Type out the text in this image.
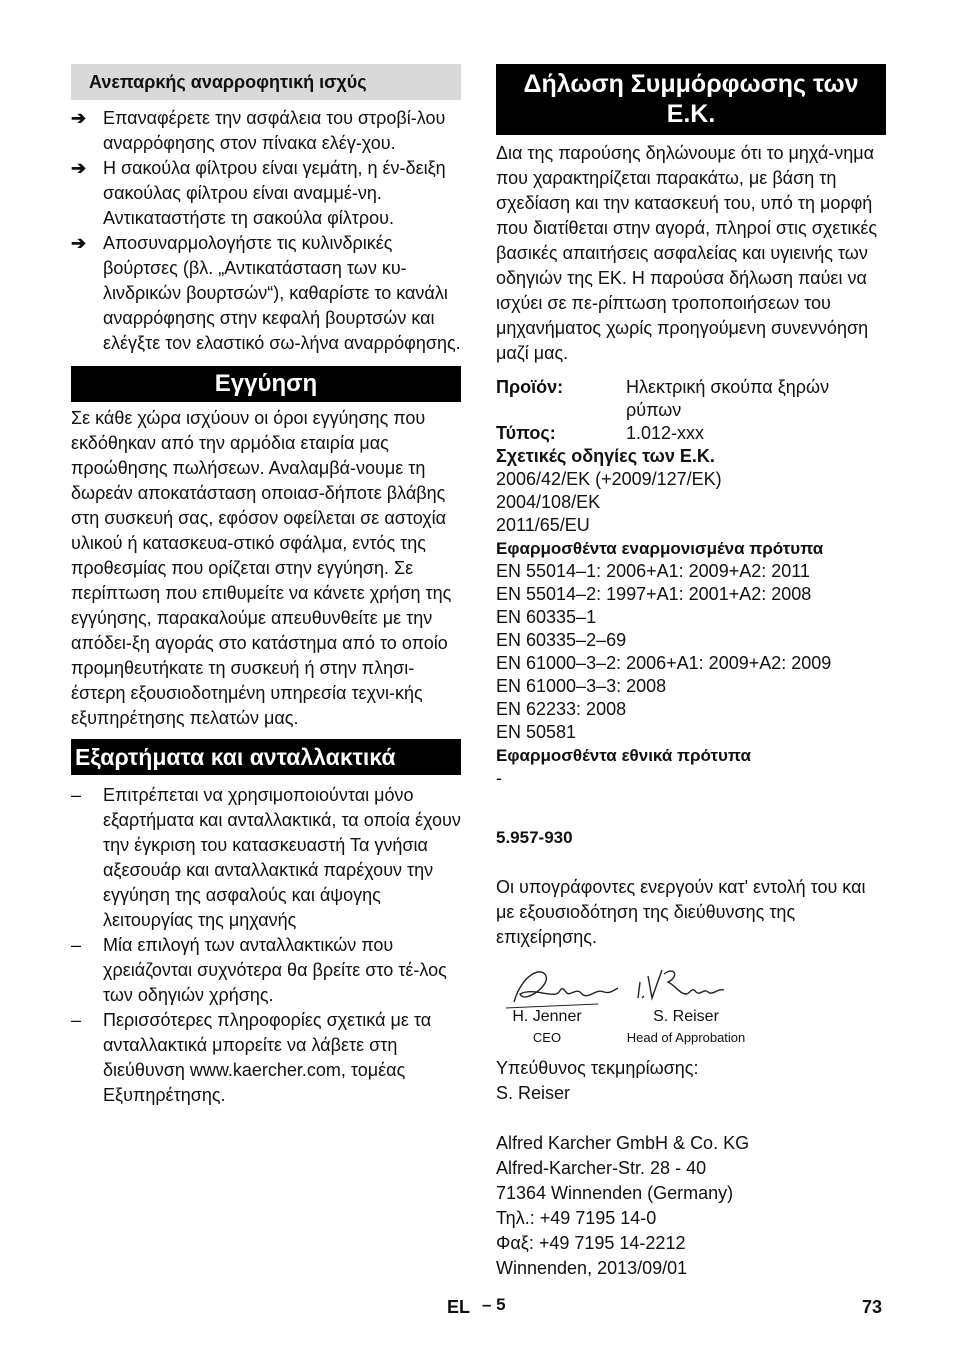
Ανεπαρκής αναρροφητική ισχύς
➔ Επαναφέρετε την ασφάλεια του στροβί-λου αναρρόφησης στον πίνακα ελέγ-χου.
➔ Η σακούλα φίλτρου είναι γεμάτη, η έν-δειξη σακούλας φίλτρου είναι αναμμέ-νη. Αντικαταστήστε τη σακούλα φίλτρου.
➔ Αποσυναρμολογήστε τις κυλινδρικές βούρτσες (βλ. „Αντικατάσταση των κυ-λινδρικών βουρτσών“), καθαρίστε το κανάλι αναρρόφησης στην κεφαλή βουρτσών και ελέγξτε τον ελαστικό σω-λήνα αναρρόφησης.
Εγγύηση

Σε κάθε χώρα ισχύουν οι όροι εγγύησης που εκδόθηκαν από την αρμόδια εταιρία μας προώθησης πωλήσεων. Αναλαμβά-νουμε τη δωρεάν αποκατάσταση οποιασ-δήποτε βλάβης στη συσκευή σας, εφόσον οφείλεται σε αστοχία υλικού ή κατασκευα-στικό σφάλμα, εντός της προθεσμίας που ορίζεται στην εγγύηση. Σε περίπτωση που επιθυμείτε να κάνετε χρήση της εγγύησης, παρακαλούμε απευθυνθείτε με την απόδει-ξη αγοράς στο κατάστημα από το οποίο προμηθευτήκατε τη συσκευή ή στην πλησι-έστερη εξουσιοδοτημένη υπηρεσία τεχνι-κής εξυπηρέτησης πελατών μας.

Εξαρτήματα και ανταλλακτικά
–	Επιτρέπεται να χρησιμοποιούνται μόνο εξαρτήματα και ανταλλακτικά, τα οποία έχουν την έγκριση του κατασκευαστή Τα γνήσια αξεσουάρ και ανταλλακτικά παρέχουν την εγγύηση της ασφαλούς και άψογης λειτουργίας της μηχανής
–	Μία επιλογή των ανταλλακτικών που χρειάζονται συχνότερα θα βρείτε στο τέ-λος των οδηγιών χρήσης.
–	Περισσότερες πληροφορίες σχετικά με τα ανταλλακτικά μπορείτε να λάβετε στη διεύθυνση www.kaercher.com, τομέας Εξυπηρέτησης.
Δήλωση Συμμόρφωσης των Ε.Κ.

Δια της παρούσης δηλώνουμε ότι το μηχά-νημα που χαρακτηρίζεται παρακάτω, με βάση τη σχεδίαση και την κατασκευή του, υπό τη μορφή που διατίθεται στην αγορά, πληροί στις σχετικές βασικές απαιτήσεις ασφαλείας και υγιεινής των οδηγιών της ΕΚ. Η παρούσα δήλωση παύει να ισχύει σε πε-ρίπτωση τροποποιήσεων του μηχανήματος χωρίς προηγούμενη συνεννόηση μαζί μας.

Προϊόν:	Ηλεκτρική σκούπα ξηρών ρύπων
Τύπος:	1.012-xxx
Σχετικές οδηγίες των Ε.Κ.
2006/42/EK (+2009/127/EK)
2004/108/EK
2011/65/EU
Εφαρμοσθέντα εναρμονισμένα πρότυπα
EN 55014–1: 2006+A1: 2009+A2: 2011
EN 55014–2: 1997+A1: 2001+A2: 2008
EN 60335–1
EN 60335–2–69
EN 61000–3–2: 2006+A1: 2009+A2: 2009
EN 61000–3–3: 2008
EN 62233: 2008
EN 50581
Εφαρμοσθέντα εθνικά πρότυπα
-
5.957-930

Οι υπογράφοντες ενεργούν κατ' εντολή του και με εξουσιοδότηση της διεύθυνσης της επιχείρησης.

H. Jenner
CEO
S. Reiser
Head of Approbation

Υπεύθυνος τεκμηρίωσης:

S. Reiser

Alfred Karcher GmbH & Co. KG

Alfred-Karcher-Str. 28 - 40

71364 Winnenden (Germany)

Τηλ.: +49 7195 14-0

Φαξ: +49 7195 14-2212

Winnenden, 2013/09/01

EL – 5	73
